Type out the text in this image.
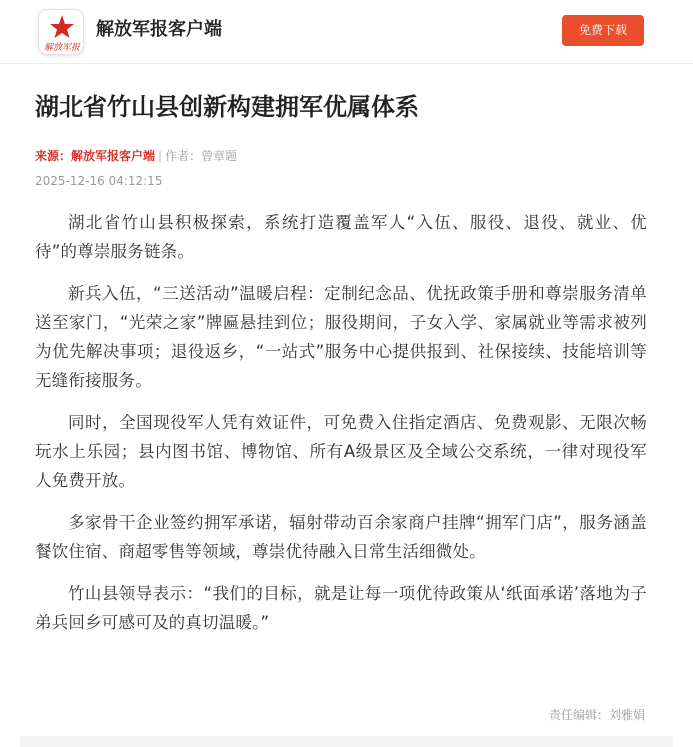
解放军报
解放军报客户端	免费下载
湖北省竹山县创新构建拥军优属体系
来源：解放军报客户端 | 作者：曾章题
2025-12-16 04:12:15

湖北省竹山县积极探索，系统打造覆盖军人“入伍、服役、退役、就业、优待”的尊崇服务链条。

新兵入伍，“三送活动”温暖启程：定制纪念品、优抚政策手册和尊崇服务清单送至家门，“光荣之家”牌匾悬挂到位；服役期间，子女入学、家属就业等需求被列为优先解决事项；退役返乡，“一站式”服务中心提供报到、社保接续、技能培训等无缝衔接服务。

同时，全国现役军人凭有效证件，可免费入住指定酒店、免费观影、无限次畅玩水上乐园；县内图书馆、博物馆、所有A级景区及全域公交系统，一律对现役军人免费开放。

多家骨干企业签约拥军承诺，辐射带动百余家商户挂牌“拥军门店”，服务涵盖餐饮住宿、商超零售等领域，尊崇优待融入日常生活细微处。

竹山县领导表示：“我们的目标，就是让每一项优待政策从‘纸面承诺’落地为子弟兵回乡可感可及的真切温暖。”

责任编辑：刘雅娟
